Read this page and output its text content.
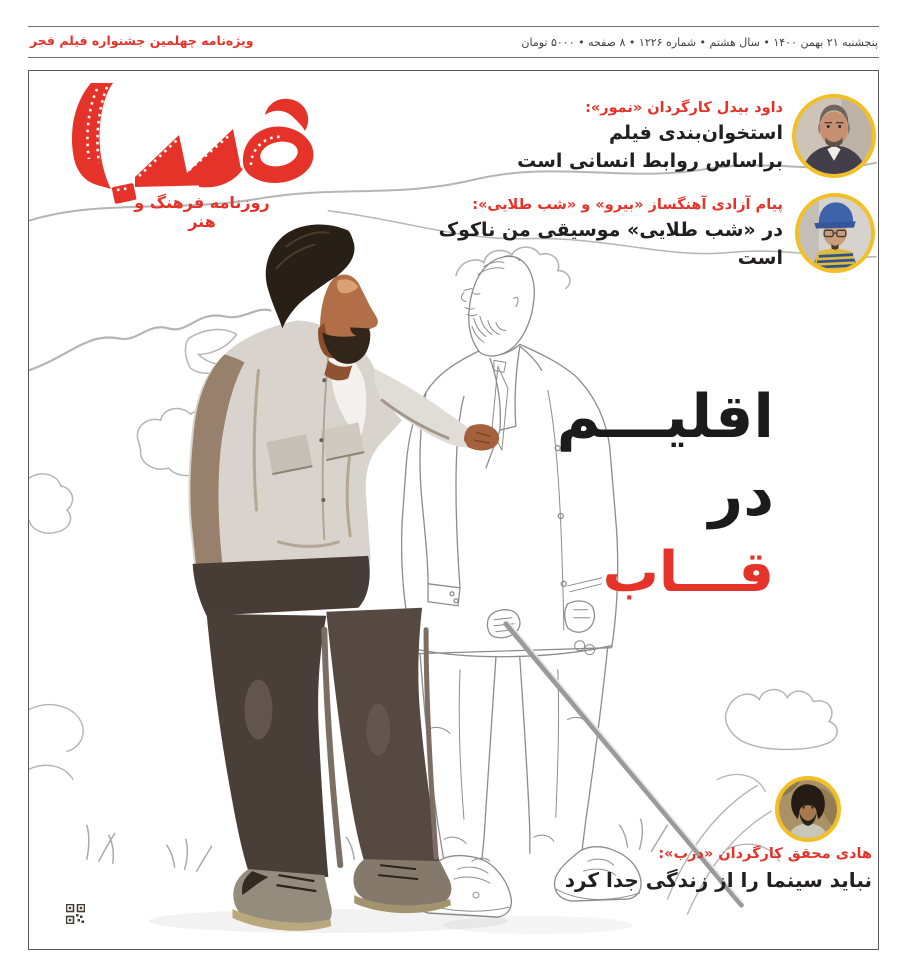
ویژه‌نامه چهلمین جشنواره فیلم فجر	پنجشنبه ۲۱ بهمن ۱۴۰۰ • سال هشتم • شماره ۱۲۲۶ • ۸ صفحه • ۵۰۰۰ تومان
روزنامه فرهنگ و هنر
داود بیدل کارگردان «نمور»:
استخوان‌بندی فیلم
براساس روابط انسانی است
پیام آزادی آهنگساز «بیرو» و «شب طلایی»:
در «شب طلایی» موسیقی من ناکوک است
اقلیـــم
در
قـــاب
هادی محقق کارگردان «درب»:
نباید سینما را از زندگی جدا کرد
